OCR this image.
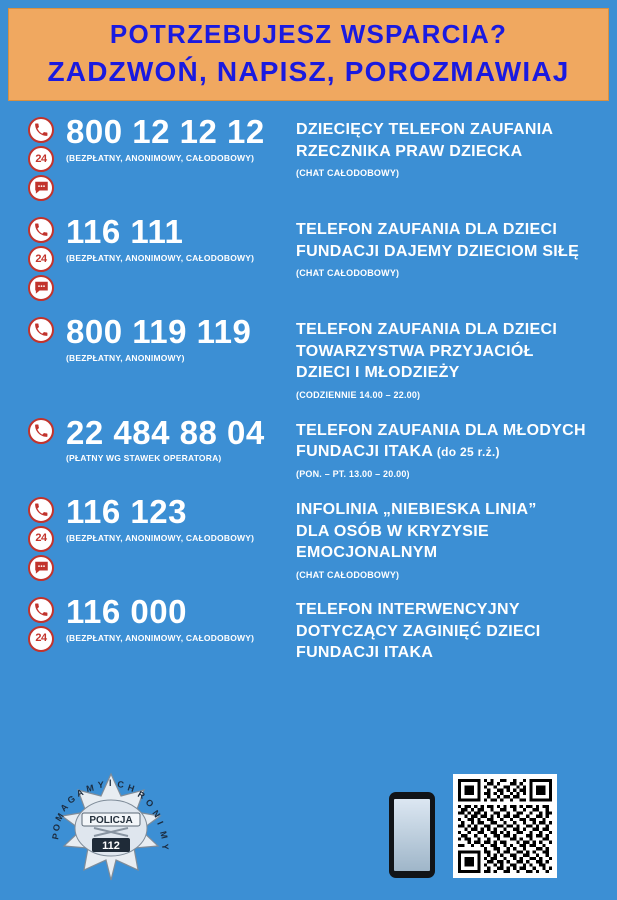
POTRZEBUJESZ WSPARCIA?
ZADZWOŃ, NAPISZ, POROZMAWIAJ
24
800 12 12 12
(BEZPŁATNY, ANONIMOWY, CAŁODOBOWY)
DZIECIĘCY TELEFON ZAUFANIA
RZECZNIKA PRAW DZIECKA
(CHAT CAŁODOBOWY)
24
116 111
(BEZPŁATNY, ANONIMOWY, CAŁODOBOWY)
TELEFON ZAUFANIA DLA DZIECI
FUNDACJI DAJEMY DZIECIOM SIŁĘ
(CHAT CAŁODOBOWY)
800 119 119
(BEZPŁATNY, ANONIMOWY)
TELEFON ZAUFANIA DLA DZIECI
TOWARZYSTWA PRZYJACIÓŁ
DZIECI I MŁODZIEŻY
(CODZIENNIE 14.00 – 22.00)
22 484 88 04
(PŁATNY WG STAWEK OPERATORA)
TELEFON ZAUFANIA DLA MŁODYCH
FUNDACJI ITAKA (do 25 r.ż.)
(PON. – PT. 13.00 – 20.00)
24
116 123
(BEZPŁATNY, ANONIMOWY, CAŁODOBOWY)
INFOLINIA „NIEBIESKA LINIA”
DLA OSÓB W KRYZYSIE
EMOCJONALNYM
(CHAT CAŁODOBOWY)
24
116 000
(BEZPŁATNY, ANONIMOWY, CAŁODOBOWY)
TELEFON INTERWENCYJNY
DOTYCZĄCY ZAGINIĘĆ DZIECI
FUNDACJI ITAKA
POLICJA
112
P
O
M
A
G
A M Y I C H
R
O
N
I
M
Y
